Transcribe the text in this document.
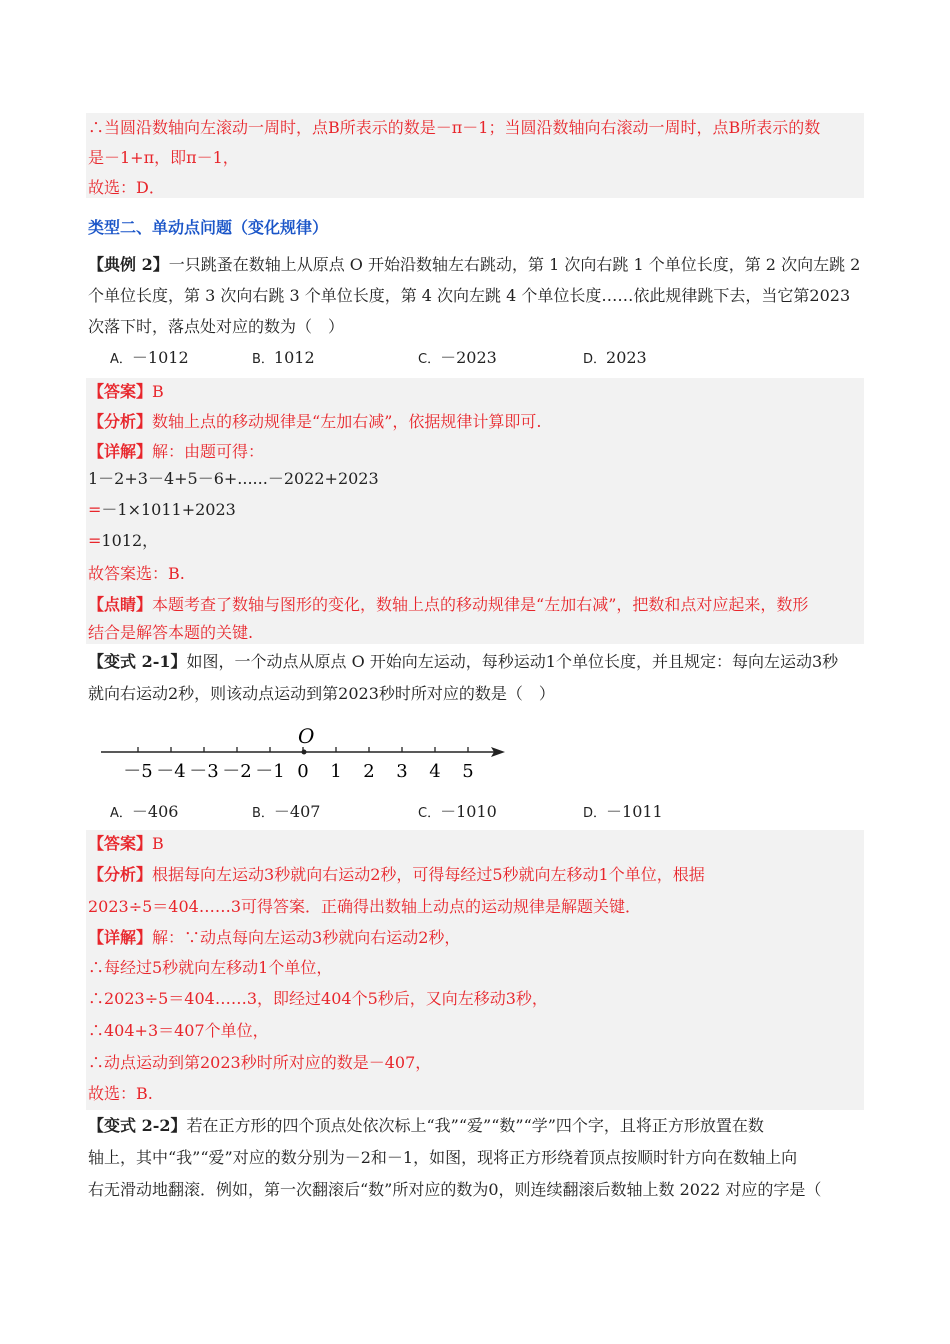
∴当圆沿数轴向左滚动一周时，点B所表示的数是－π－1；当圆沿数轴向右滚动一周时，点B所表示的数
是－1+π，即π－1，
故选：D．
类型二、单动点问题（变化规律）
【典例 2】一只跳蚤在数轴上从原点 O 开始沿数轴左右跳动，第 1 次向右跳 1 个单位长度，第 2 次向左跳 2
个单位长度，第 3 次向右跳 3 个单位长度，第 4 次向左跳 4 个单位长度……依此规律跳下去，当它第2023
次落下时，落点处对应的数为（　）
A．－1012	B．1012	C．－2023	D．2023
【答案】B
【分析】数轴上点的移动规律是“左加右减”，依据规律计算即可.
【详解】解：由题可得：
1－2+3－4+5－6+......－2022+2023
=－1×1011+2023
=1012，
故答案选：B.
【点睛】本题考查了数轴与图形的变化，数轴上点的移动规律是“左加右减”，把数和点对应起来，数形
结合是解答本题的关键.
【变式 2-1】如图，一个动点从原点 O 开始向左运动，每秒运动1个单位长度，并且规定：每向左运动3秒
就向右运动2秒，则该动点运动到第2023秒时所对应的数是（　）
O
－5 －4 －3 －2 －1 0 1 2 3 4 5
A．－406	B．－407	C．－1010	D．－1011
【答案】B
【分析】根据每向左运动3秒就向右运动2秒，可得每经过5秒就向左移动1个单位，根据
2023÷5＝404……3可得答案．正确得出数轴上动点的运动规律是解题关键．
【详解】解：∵动点每向左运动3秒就向右运动2秒，
∴每经过5秒就向左移动1个单位，
∴2023÷5＝404……3，即经过404个5秒后，又向左移动3秒，
∴404+3＝407个单位，
∴动点运动到第2023秒时所对应的数是－407，
故选：B.
【变式 2-2】若在正方形的四个顶点处依次标上“我”“爱”“数”“学”四个字，且将正方形放置在数
轴上，其中“我”“爱”对应的数分别为－2和－1，如图，现将正方形绕着顶点按顺时针方向在数轴上向
右无滑动地翻滚．例如，第一次翻滚后“数”所对应的数为0，则连续翻滚后数轴上数 2022 对应的字是（
